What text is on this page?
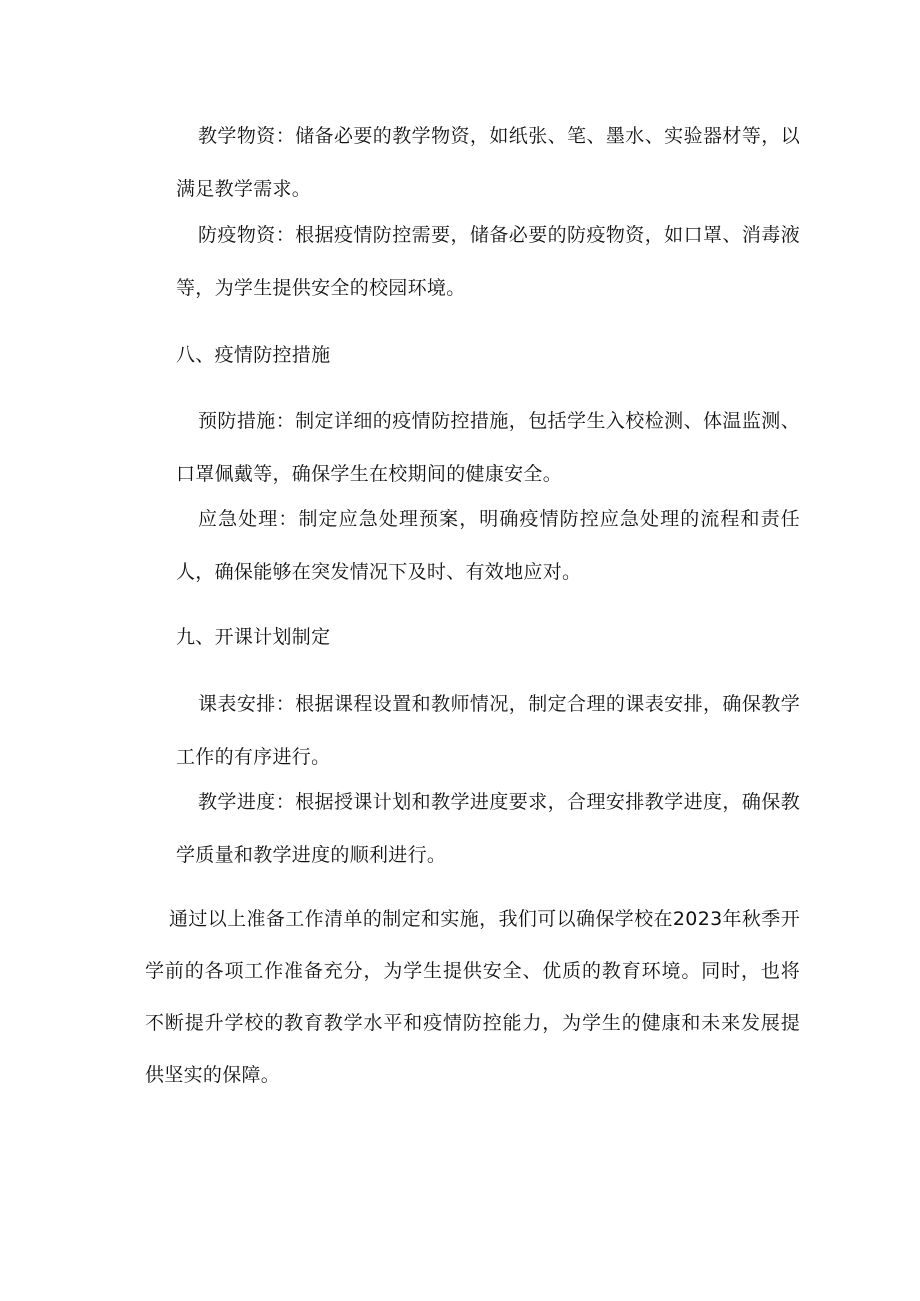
教学物资：储备必要的教学物资，如纸张、笔、墨水、实验器材等，以满足教学需求。

防疫物资：根据疫情防控需要，储备必要的防疫物资，如口罩、消毒液等，为学生提供安全的校园环境。

八、疫情防控措施

预防措施：制定详细的疫情防控措施，包括学生入校检测、体温监测、口罩佩戴等，确保学生在校期间的健康安全。

应急处理：制定应急处理预案，明确疫情防控应急处理的流程和责任人，确保能够在突发情况下及时、有效地应对。

九、开课计划制定

课表安排：根据课程设置和教师情况，制定合理的课表安排，确保教学工作的有序进行。

教学进度：根据授课计划和教学进度要求，合理安排教学进度，确保教学质量和教学进度的顺利进行。

通过以上准备工作清单的制定和实施，我们可以确保学校在2023年秋季开学前的各项工作准备充分，为学生提供安全、优质的教育环境。同时，也将不断提升学校的教育教学水平和疫情防控能力，为学生的健康和未来发展提供坚实的保障。
